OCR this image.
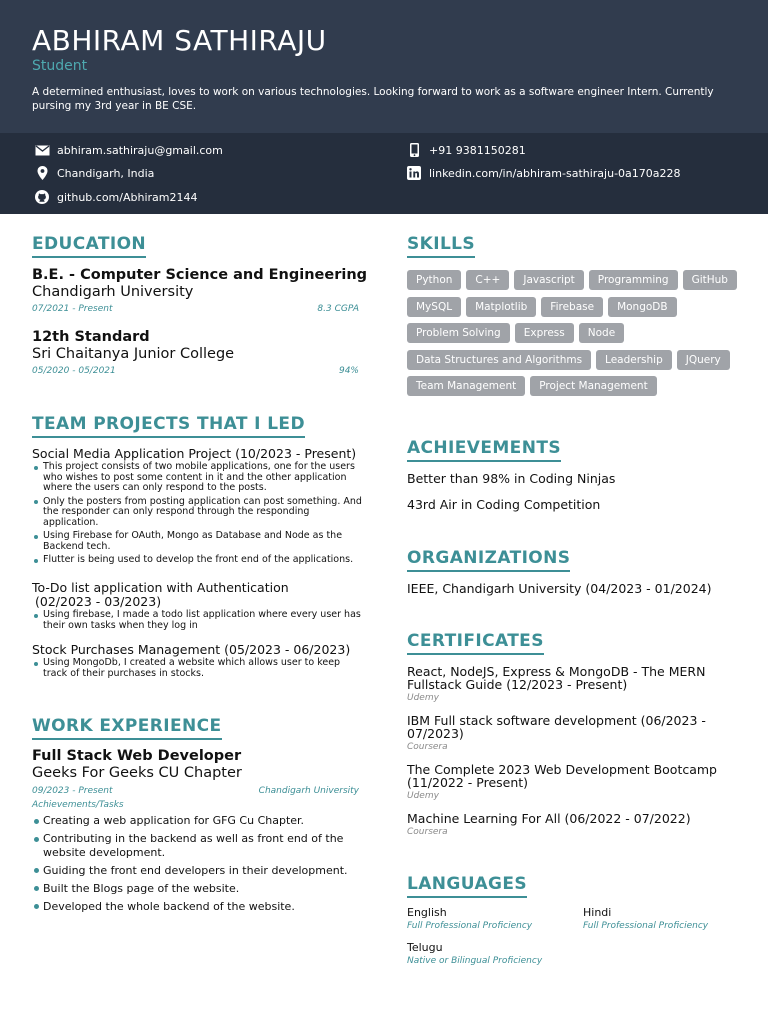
ABHIRAM SATHIRAJU
Student
A determined enthusiast, loves to work on various technologies. Looking forward to work as a software engineer Intern. Currently pursing my 3rd year in BE CSE.
abhiram.sathiraju@gmail.com	+91 9381150281
Chandigarh, India	linkedin.com/in/abhiram-sathiraju-0a170a228
github.com/Abhiram2144
EDUCATION
B.E. - Computer Science and Engineering
Chandigarh University
07/2021 - Present	8.3 CGPA
12th Standard
Sri Chaitanya Junior College
05/2020 - 05/2021	94%
TEAM PROJECTS THAT I LED
Social Media Application Project (10/2023 - Present)
This project consists of two mobile applications, one for the users who wishes to post some content in it and the other application where the users can only respond to the posts.
Only the posters from posting application can post something. And the responder can only respond through the responding application.
Using Firebase for OAuth, Mongo as Database and Node as the Backend tech.
Flutter is being used to develop the front end of the applications.
To-Do list application with Authentication
(02/2023 - 03/2023)
Using firebase, I made a todo list application where every user has their own tasks when they log in
Stock Purchases Management (05/2023 - 06/2023)
Using MongoDb, I created a website which allows user to keep track of their purchases in stocks.
WORK EXPERIENCE
Full Stack Web Developer
Geeks For Geeks CU Chapter
09/2023 - Present	Chandigarh University
Achievements/Tasks
Creating a web application for GFG Cu Chapter.
Contributing in the backend as well as front end of the website development.
Guiding the front end developers in their development.
Built the Blogs page of the website.
Developed the whole backend of the website.
SKILLS
Python	C++	Javascript	Programming	GitHub
MySQL	Matplotlib	Firebase	MongoDB
Problem Solving	Express	Node
Data Structures and Algorithms	Leadership	JQuery
Team Management	Project Management
ACHIEVEMENTS
Better than 98% in Coding Ninjas
43rd Air in Coding Competition
ORGANIZATIONS
IEEE, Chandigarh University (04/2023 - 01/2024)
CERTIFICATES
React, NodeJS, Express & MongoDB - The MERN Fullstack Guide (12/2023 - Present)
Udemy
IBM Full stack software development (06/2023 - 07/2023)
Coursera
The Complete 2023 Web Development Bootcamp (11/2022 - Present)
Udemy
Machine Learning For All (06/2022 - 07/2022)
Coursera
LANGUAGES
English
Full Professional Proficiency
Hindi
Full Professional Proficiency
Telugu
Native or Bilingual Proficiency
